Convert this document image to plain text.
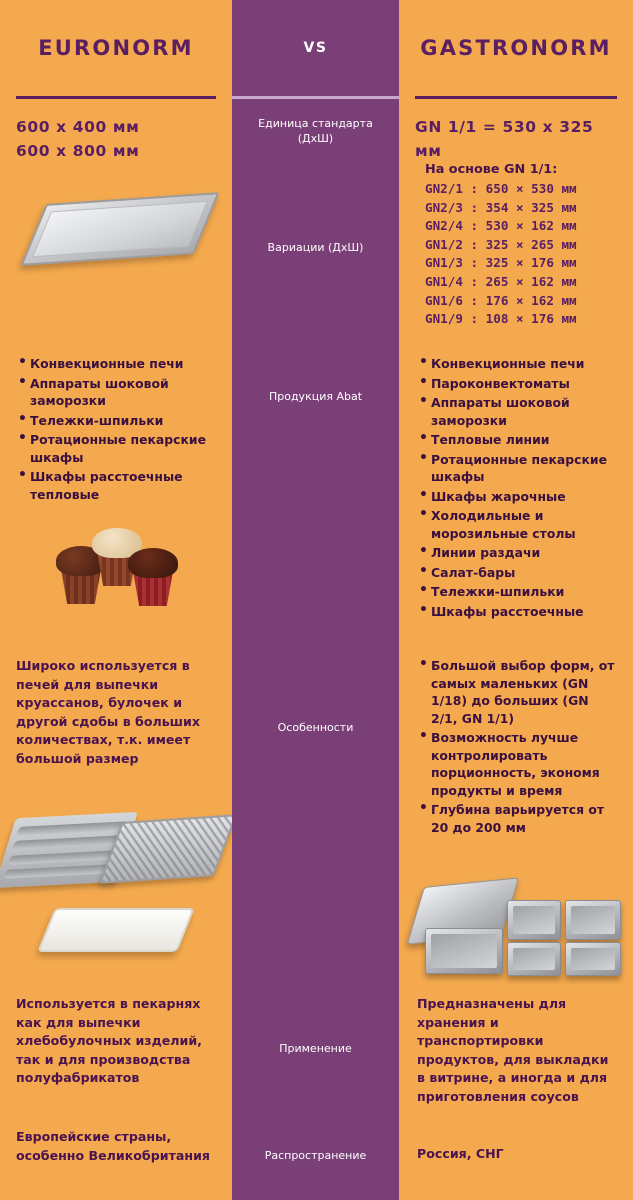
EURONORM
600 х 400 мм
600 х 800 мм
• Конвекционные печи
• Аппараты шоковой заморозки
• Тележки-шпильки
• Ротационные пекарские шкафы
• Шкафы расстоечные тепловые
Широко используется в печей для выпечки круассанов, булочек и другой сдобы в больших количествах, т.к. имеет большой размер
Используется в пекарнях как для выпечки хлебобулочных изделий, так и для производства полуфабрикатов
Европейские страны, особенно Великобритания
VS
Единица стандарта
(ДхШ)
Вариации (ДхШ)
Продукция Abat
Особенности
Применение
Распространение
GASTRONORM
GN 1/1 = 530 х 325 мм
На основе GN 1/1:
GN2/1 : 650 × 530 мм
GN2/3 : 354 × 325 мм
GN2/4 : 530 × 162 мм
GN1/2 : 325 × 265 мм
GN1/3 : 325 × 176 мм
GN1/4 : 265 × 162 мм
GN1/6 : 176 × 162 мм
GN1/9 : 108 × 176 мм
• Конвекционные печи
• Пароконвектоматы
• Аппараты шоковой заморозки
• Тепловые линии
• Ротационные пекарские шкафы
• Шкафы жарочные
• Холодильные и морозильные столы
• Линии раздачи
• Салат-бары
• Тележки-шпильки
• Шкафы расстоечные
• Большой выбор форм, от самых маленьких (GN 1/18) до больших (GN 2/1, GN 1/1)
• Возможность лучше контролировать порционность, экономя продукты и время
• Глубина варьируется от 20 до 200 мм
Предназначены для хранения и транспортировки продуктов, для выкладки в витрине, а иногда и для приготовления соусов
Россия, СНГ
